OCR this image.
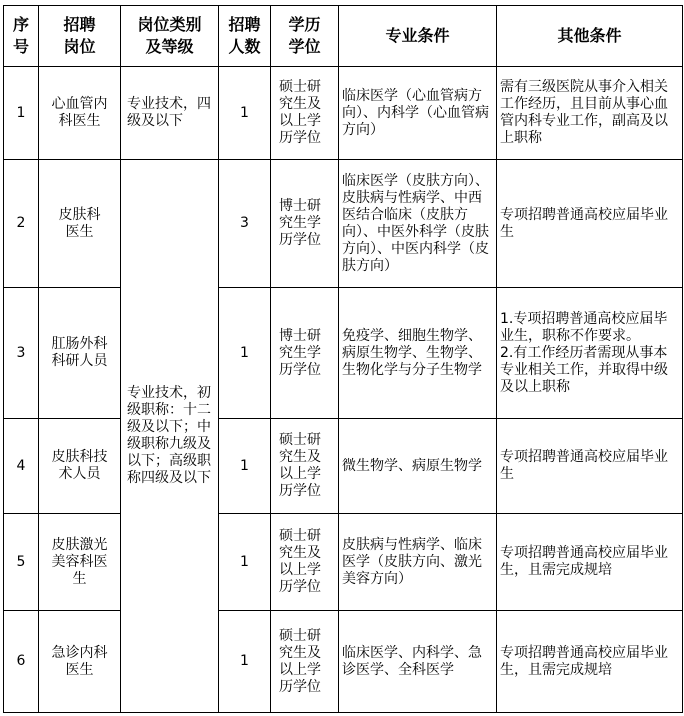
序号	招聘岗位	岗位类别及等级	招聘人数	学历学位	专业条件	其他条件
1	心血管内科医生	专业技术，四级及以下	1	硕士研究生及以上学历学位	临床医学（心血管病方向）、内科学（心血管病方向）	需有三级医院从事介入相关工作经历，且目前从事心血管内科专业工作，副高及以上职称
2	皮肤科医生	专业技术，初级职称：十二级及以下；中级职称九级及以下；高级职称四级及以下	3	博士研究生学历学位	临床医学（皮肤方向）、皮肤病与性病学、中西医结合临床（皮肤方向）、中医外科学（皮肤方向）、中医内科学（皮肤方向）	专项招聘普通高校应届毕业生
3	肛肠外科科研人员		1	博士研究生学历学位	免疫学、细胞生物学、病原生物学、生物学、生物化学与分子生物学	1.专项招聘普通高校应届毕业生，职称不作要求。
2.有工作经历者需现从事本专业相关工作，并取得中级及以上职称
4	皮肤科技术人员		1	硕士研究生及以上学历学位	微生物学、病原生物学	专项招聘普通高校应届毕业生
5	皮肤激光美容科医生		1	硕士研究生及以上学历学位	皮肤病与性病学、临床医学（皮肤方向、激光美容方向）	专项招聘普通高校应届毕业生，且需完成规培
6	急诊内科医生		1	硕士研究生及以上学历学位	临床医学、内科学、急诊医学、全科医学	专项招聘普通高校应届毕业生，且需完成规培
